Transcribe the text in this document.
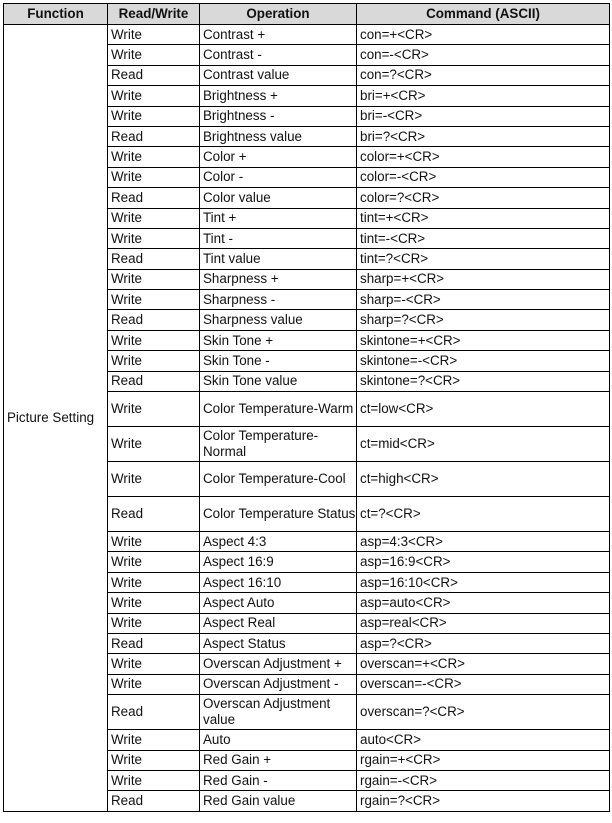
Function	Read/Write	Operation	Command (ASCII)
Picture Setting	Write	Contrast +	con=+<CR>
	Write	Contrast -	con=-<CR>
	Read	Contrast value	con=?<CR>
	Write	Brightness +	bri=+<CR>
	Write	Brightness -	bri=-<CR>
	Read	Brightness value	bri=?<CR>
	Write	Color +	color=+<CR>
	Write	Color -	color=-<CR>
	Read	Color value	color=?<CR>
	Write	Tint +	tint=+<CR>
	Write	Tint -	tint=-<CR>
	Read	Tint value	tint=?<CR>
	Write	Sharpness +	sharp=+<CR>
	Write	Sharpness -	sharp=-<CR>
	Read	Sharpness value	sharp=?<CR>
	Write	Skin Tone +	skintone=+<CR>
	Write	Skin Tone -	skintone=-<CR>
	Read	Skin Tone value	skintone=?<CR>
	Write	Color Temperature-Warm	ct=low<CR>
	Write	Color Temperature-Normal	ct=mid<CR>
	Write	Color Temperature-Cool	ct=high<CR>
	Read	Color Temperature Status	ct=?<CR>
	Write	Aspect 4:3	asp=4:3<CR>
	Write	Aspect 16:9	asp=16:9<CR>
	Write	Aspect 16:10	asp=16:10<CR>
	Write	Aspect Auto	asp=auto<CR>
	Write	Aspect Real	asp=real<CR>
	Read	Aspect Status	asp=?<CR>
	Write	Overscan Adjustment +	overscan=+<CR>
	Write	Overscan Adjustment -	overscan=-<CR>
	Read	Overscan Adjustment value	overscan=?<CR>
	Write	Auto	auto<CR>
	Write	Red Gain +	rgain=+<CR>
	Write	Red Gain -	rgain=-<CR>
	Read	Red Gain value	rgain=?<CR>
